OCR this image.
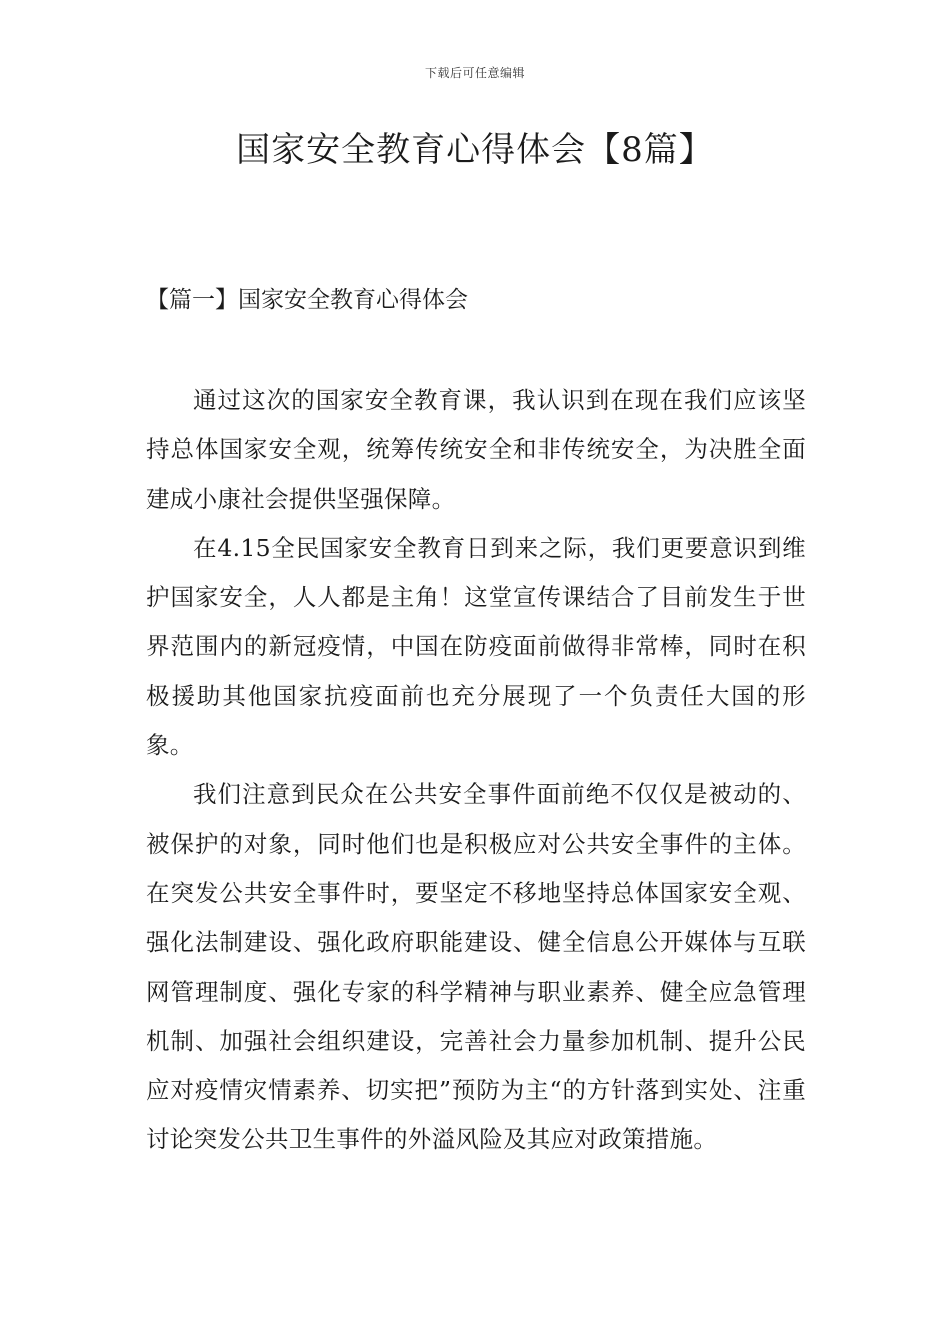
下载后可任意编辑
国家安全教育心得体会【8篇】
【篇一】国家安全教育心得体会

通过这次的国家安全教育课，我认识到在现在我们应该坚持总体国家安全观，统筹传统安全和非传统安全，为决胜全面建成小康社会提供坚强保障。

在4.15全民国家安全教育日到来之际，我们更要意识到维护国家安全，人人都是主角！这堂宣传课结合了目前发生于世界范围内的新冠疫情，中国在防疫面前做得非常棒，同时在积极援助其他国家抗疫面前也充分展现了一个负责任大国的形象。

我们注意到民众在公共安全事件面前绝不仅仅是被动的、被保护的对象，同时他们也是积极应对公共安全事件的主体。在突发公共安全事件时，要坚定不移地坚持总体国家安全观、强化法制建设、强化政府职能建设、健全信息公开媒体与互联网管理制度、强化专家的科学精神与职业素养、健全应急管理机制、加强社会组织建设，完善社会力量参加机制、提升公民应对疫情灾情素养、切实把”预防为主“的方针落到实处、注重讨论突发公共卫生事件的外溢风险及其应对政策措施。
